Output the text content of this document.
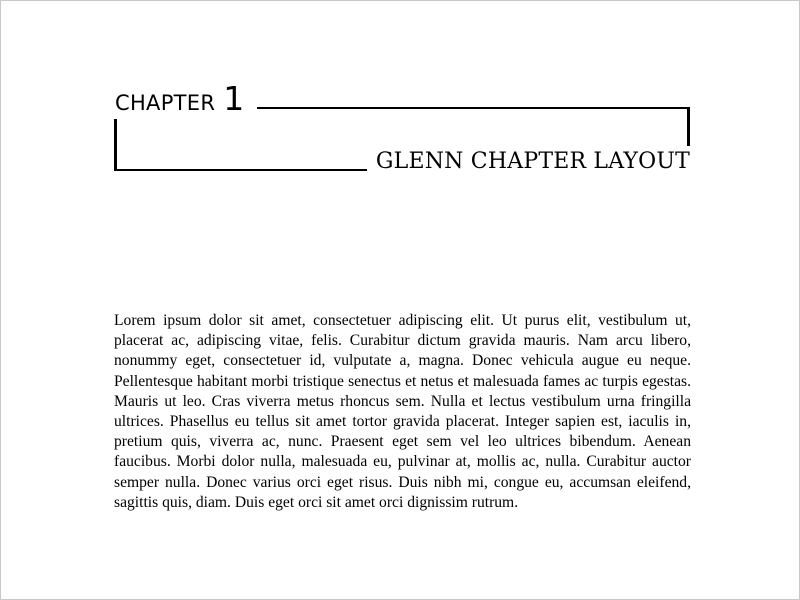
CHAPTER 1
GLENN CHAPTER LAYOUT

Lorem ipsum dolor sit amet, consectetuer adipiscing elit. Ut purus elit, vestibulum ut, placerat ac, adipiscing vitae, felis. Curabitur dictum gravida mauris. Nam arcu libero, nonummy eget, consectetuer id, vulputate a, magna. Donec vehicula augue eu neque. Pellentesque habitant morbi tristique senectus et netus et malesuada fames ac turpis egestas. Mauris ut leo. Cras viverra metus rhoncus sem. Nulla et lectus vestibulum urna fringilla ultrices. Phasellus eu tellus sit amet tortor gravida placerat. Integer sapien est, iaculis in, pretium quis, viverra ac, nunc. Praesent eget sem vel leo ultrices bibendum. Aenean faucibus. Morbi dolor nulla, malesuada eu, pulvinar at, mollis ac, nulla. Curabitur auctor semper nulla. Donec varius orci eget risus. Duis nibh mi, congue eu, accumsan eleifend, sagittis quis, diam. Duis eget orci sit amet orci dignissim rutrum.
